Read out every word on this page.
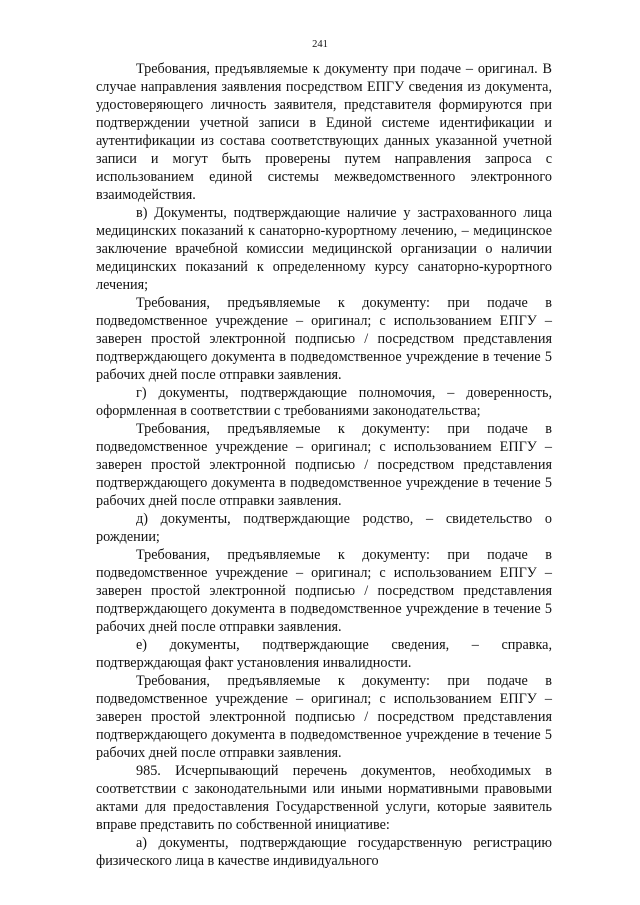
241

Требования, предъявляемые к документу при подаче – оригинал. В случае направления заявления посредством ЕПГУ сведения из документа, удостоверяющего личность заявителя, представителя формируются при подтверждении учетной записи в Единой системе идентификации и аутентификации из состава соответствующих данных указанной учетной записи и могут быть проверены путем направления запроса с использованием единой системы межведомственного электронного взаимодействия.

в) Документы, подтверждающие наличие у застрахованного лица медицинских показаний к санаторно-курортному лечению, – медицинское заключение врачебной комиссии медицинской организации о наличии медицинских показаний к определенному курсу санаторно-курортного лечения;

Требования, предъявляемые к документу: при подаче в подведомственное учреждение – оригинал; с использованием ЕПГУ – заверен простой электронной подписью / посредством представления подтверждающего документа в подведомственное учреждение в течение 5 рабочих дней после отправки заявления.

г) документы, подтверждающие полномочия, – доверенность, оформленная в соответствии с требованиями законодательства;

Требования, предъявляемые к документу: при подаче в подведомственное учреждение – оригинал; с использованием ЕПГУ – заверен простой электронной подписью / посредством представления подтверждающего документа в подведомственное учреждение в течение 5 рабочих дней после отправки заявления.

д) документы, подтверждающие родство, – свидетельство о рождении;

Требования, предъявляемые к документу: при подаче в подведомственное учреждение – оригинал; с использованием ЕПГУ – заверен простой электронной подписью / посредством представления подтверждающего документа в подведомственное учреждение в течение 5 рабочих дней после отправки заявления.

е) документы, подтверждающие сведения, – справка, подтверждающая факт установления инвалидности.

Требования, предъявляемые к документу: при подаче в подведомственное учреждение – оригинал; с использованием ЕПГУ – заверен простой электронной подписью / посредством представления подтверждающего документа в подведомственное учреждение в течение 5 рабочих дней после отправки заявления.

985. Исчерпывающий перечень документов, необходимых в соответствии с законодательными или иными нормативными правовыми актами для предоставления Государственной услуги, которые заявитель вправе представить по собственной инициативе:

а) документы, подтверждающие государственную регистрацию физического лица в качестве индивидуального
